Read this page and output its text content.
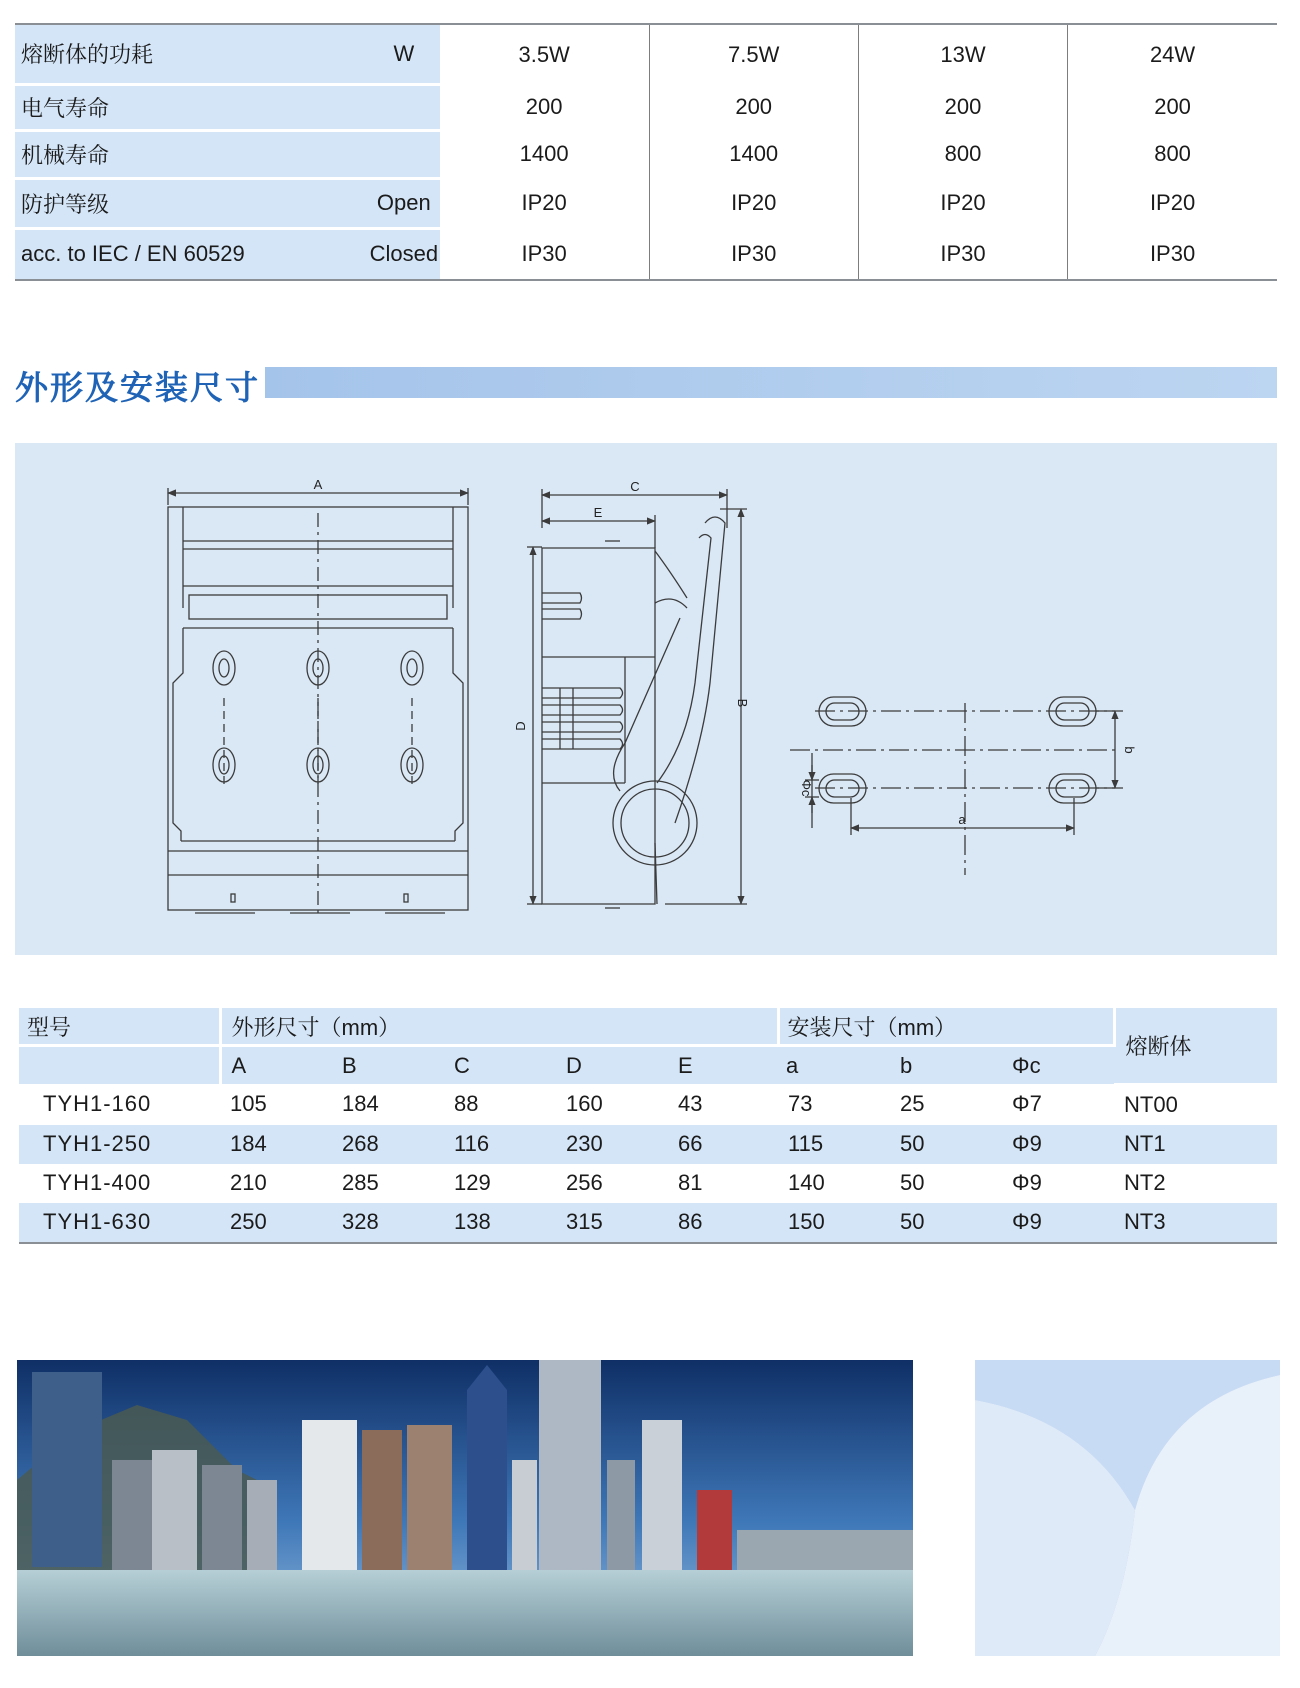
熔断体的功耗	W	3.5W	7.5W	13W	24W
电气寿命		200	200	200	200
机械寿命		1400	1400	800	800
防护等级	Open	IP20	IP20	IP20	IP20
acc. to IEC / EN 60529	Closed	IP30	IP30	IP30	IP30
外形及安装尺寸
A	C
E
D
B
b
a
Φc
型号	外形尺寸（mm）					安装尺寸（mm）			熔断体
	A	B	C	D	E	a	b	Φc	
TYH1-160	105	184	88	160	43	73	25	Φ7	NT00
TYH1-250	184	268	116	230	66	115	50	Φ9	NT1
TYH1-400	210	285	129	256	81	140	50	Φ9	NT2
TYH1-630	250	328	138	315	86	150	50	Φ9	NT3
